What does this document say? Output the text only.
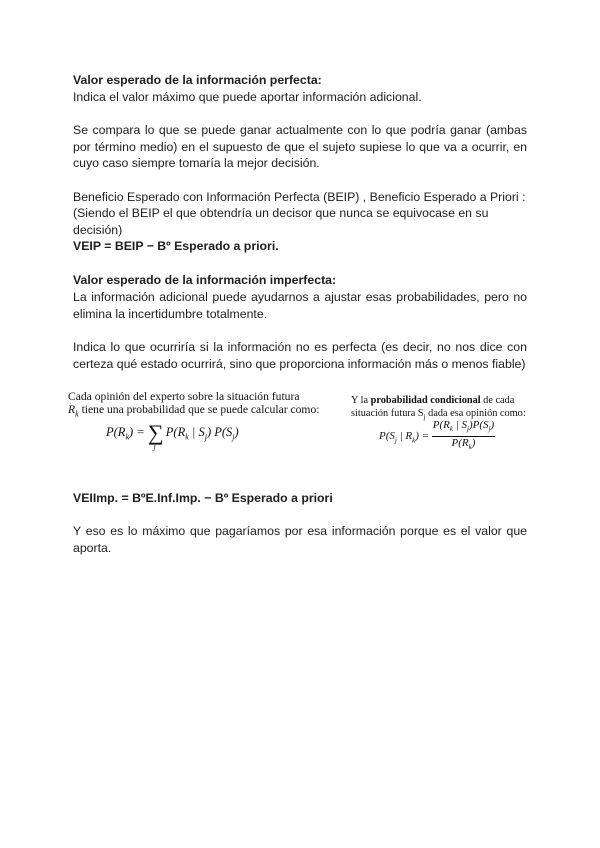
Valor esperado de la información perfecta:
Indica el valor máximo que puede aportar información adicional.
Se compara lo que se puede ganar actualmente con lo que podría ganar (ambas por término medio) en el supuesto de que el sujeto supiese lo que va a ocurrir, en cuyo caso siempre tomaría la mejor decisión.
Beneficio Esperado con Información Perfecta (BEIP) , Beneficio Esperado a Priori :
(Siendo el BEIP el que obtendría un decisor que nunca se equivocase en su decisión)
VEIP = BEIP − Bº Esperado a priori.
Valor esperado de la información imperfecta:
La información adicional puede ayudarnos a ajustar esas probabilidades, pero no elimina la incertidumbre totalmente.
Indica lo que ocurriría si la información no es perfecta (es decir, no nos dice con certeza qué estado ocurrirá, sino que proporciona información más o menos fiable)
Cada opinión del experto sobre la situación futura
$R_k$ tiene una probabilidad que se puede calcular como:
$P(R_k) = \sum_jP(R_k$ | $S_j$) $P(S_j)$
Y la probabilidad condicional de cada
situación futura $S_j$ dada esa opinión como:
$P(S_j$ | $R_k) = \frac{P(R_k | S_j)P(S_j)}{P(R_k)}$
VEIImp. = BºE.Inf.Imp. − Bº Esperado a priori
Y eso es lo máximo que pagaríamos por esa información porque es el valor que aporta.
